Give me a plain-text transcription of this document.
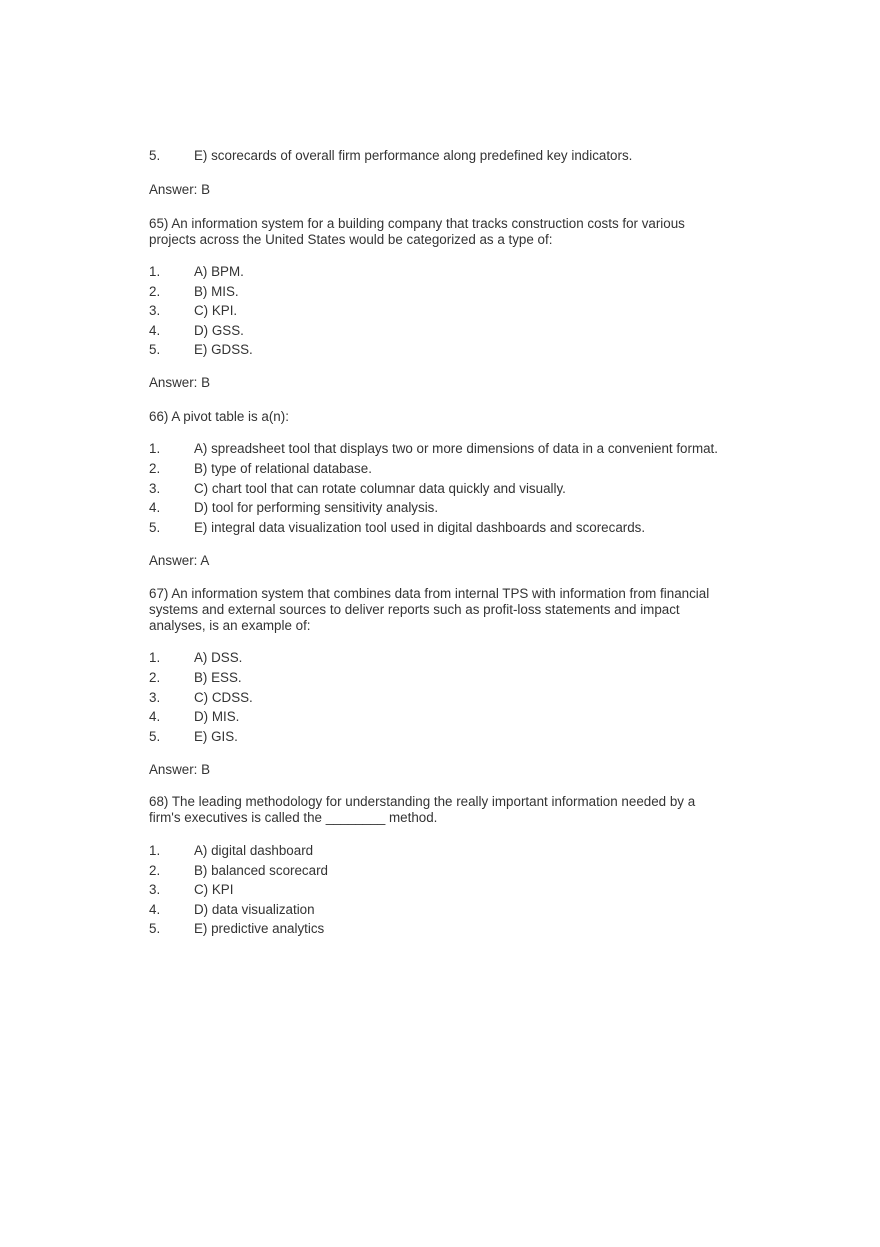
5.	E) scorecards of overall firm performance along predefined key indicators.
Answer: B
65) An information system for a building company that tracks construction costs for various
projects across the United States would be categorized as a type of:
1.	A) BPM.
2.	B) MIS.
3.	C) KPI.
4.	D) GSS.
5.	E) GDSS.
Answer: B
66) A pivot table is a(n):
1.	A) spreadsheet tool that displays two or more dimensions of data in a convenient format.
2.	B) type of relational database.
3.	C) chart tool that can rotate columnar data quickly and visually.
4.	D) tool for performing sensitivity analysis.
5.	E) integral data visualization tool used in digital dashboards and scorecards.
Answer: A
67) An information system that combines data from internal TPS with information from financial
systems and external sources to deliver reports such as profit-loss statements and impact
analyses, is an example of:
1.	A) DSS.
2.	B) ESS.
3.	C) CDSS.
4.	D) MIS.
5.	E) GIS.
Answer: B
68) The leading methodology for understanding the really important information needed by a
firm's executives is called the ________ method.
1.	A) digital dashboard
2.	B) balanced scorecard
3.	C) KPI
4.	D) data visualization
5.	E) predictive analytics
